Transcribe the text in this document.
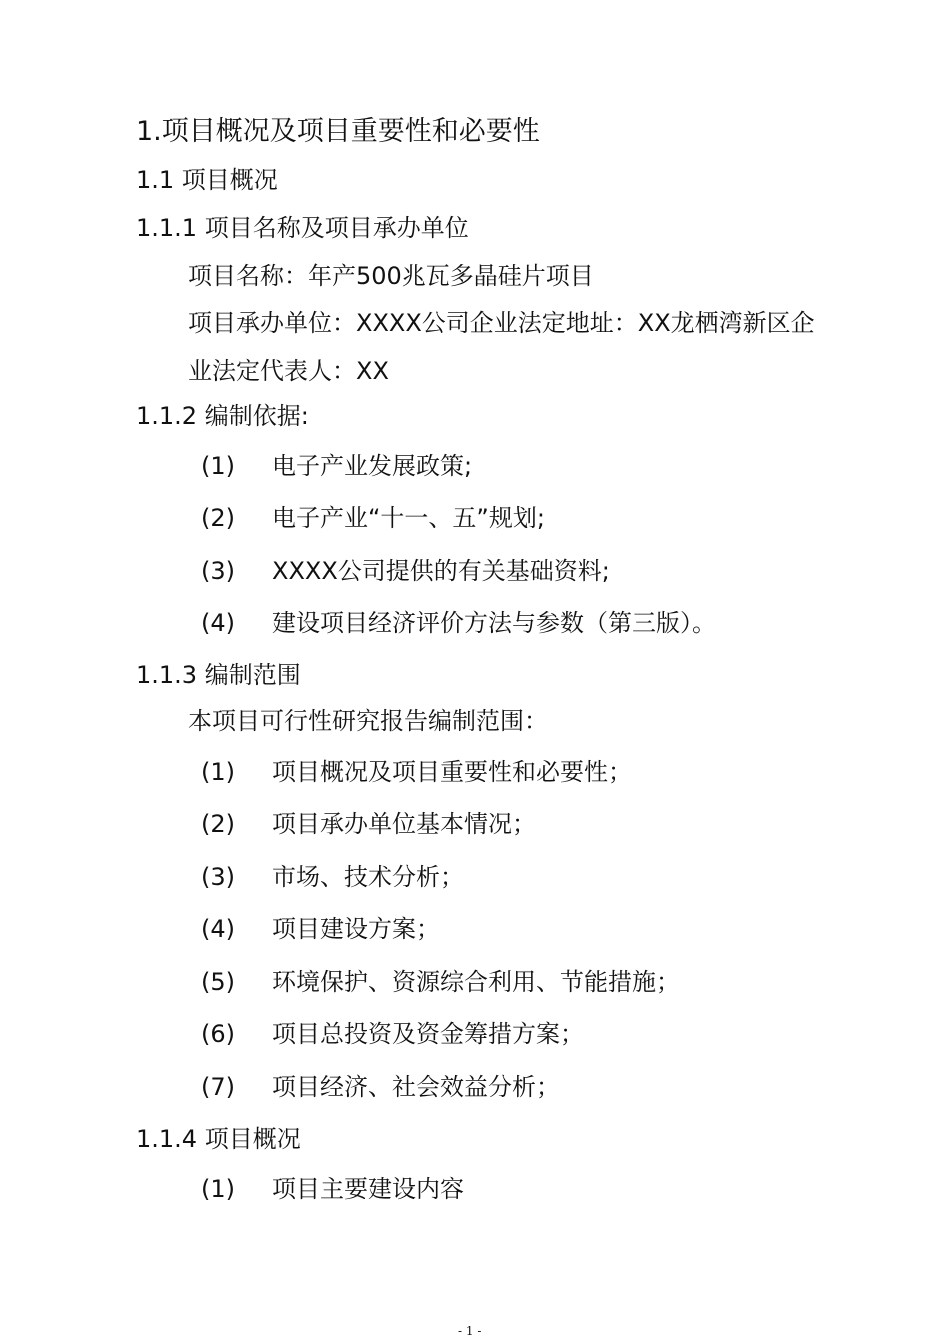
1.项目概况及项目重要性和必要性
1.1 项目概况
1.1.1 项目名称及项目承办单位
项目名称：年产500兆瓦多晶硅片项目
项目承办单位：XXXX公司企业法定地址：XX龙栖湾新区企
业法定代表人：XX
1.1.2 编制依据:
(1) 电子产业发展政策;
(2) 电子产业“十一、五”规划;
(3) XXXX公司提供的有关基础资料;
(4) 建设项目经济评价方法与参数（第三版）。
1.1.3 编制范围
本项目可行性研究报告编制范围：
(1) 项目概况及项目重要性和必要性；
(2) 项目承办单位基本情况；
(3) 市场、技术分析；
(4) 项目建设方案；
(5) 环境保护、资源综合利用、节能措施；
(6) 项目总投资及资金筹措方案；
(7) 项目经济、社会效益分析；
1.1.4 项目概况
(1) 项目主要建设内容
- 1 -
